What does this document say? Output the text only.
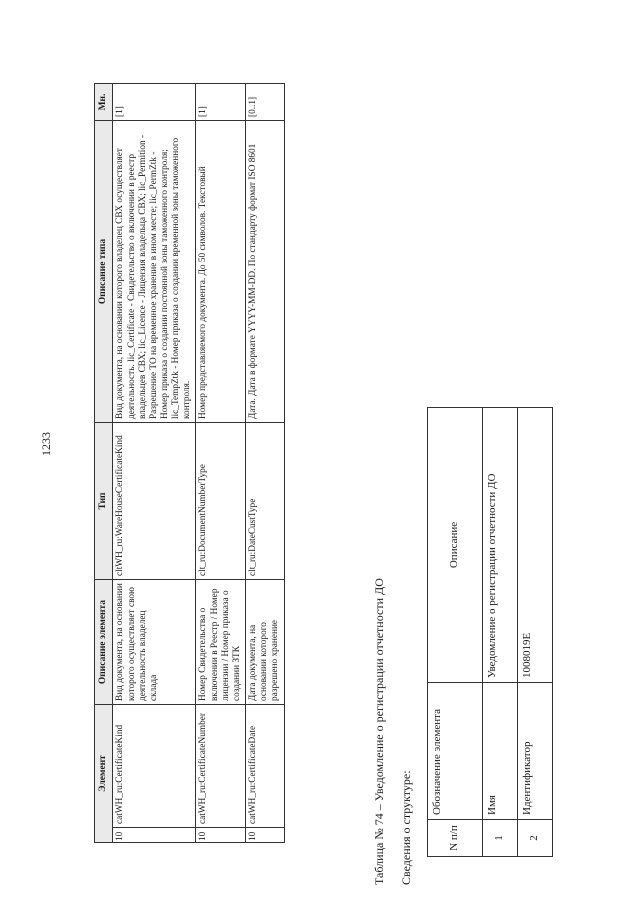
1233
Элемент		Описание элемента	Тип	Описание типа	Мн.
10	catWH_ru:CertificateKind	Вид документа, на основании которого осуществляет свою деятельность владелец склада	cltWH_ru:WareHouseCertificateKind	Вид документа, на основании которого владелец СВХ осуществляет деятельность. lic_Certificate - Свидетельство о включении в реестр владельцев СВХ; lic_Licence - Лицензия владельца СВХ; lic_Permition - Разрешение ТО на временное хранение в ином месте; lic_PermZtk - Номер приказа о создании постоянной зоны таможенного контроля; lic_TempZtk - Номер приказа о создании временной зоны таможенного контроля.	[1]
10	catWH_ru:CertificateNumber	Номер Свидетельства о включении в Реестр / Номер лицензии / Номер приказа о создании ЗТК	clt_ru:DocumentNumberType	Номер представляемого документа. До 50 символов. Текстовый	[1]
10	catWH_ru:CertificateDate	Дата документа, на основании которого разрешено хранение	clt_ru:DateCustType	Дата. Дата в формате YYYY-MM-DD. По стандарту формат ISO 8601	[0..1]
Таблица № 74 – Уведомление о регистрации отчетности ДО Сведения о структуре:	N п/п	Обозначение элемента	Описание
1	Имя	Уведомление о регистрации отчетности ДО
2	Идентификатор	1008019E
